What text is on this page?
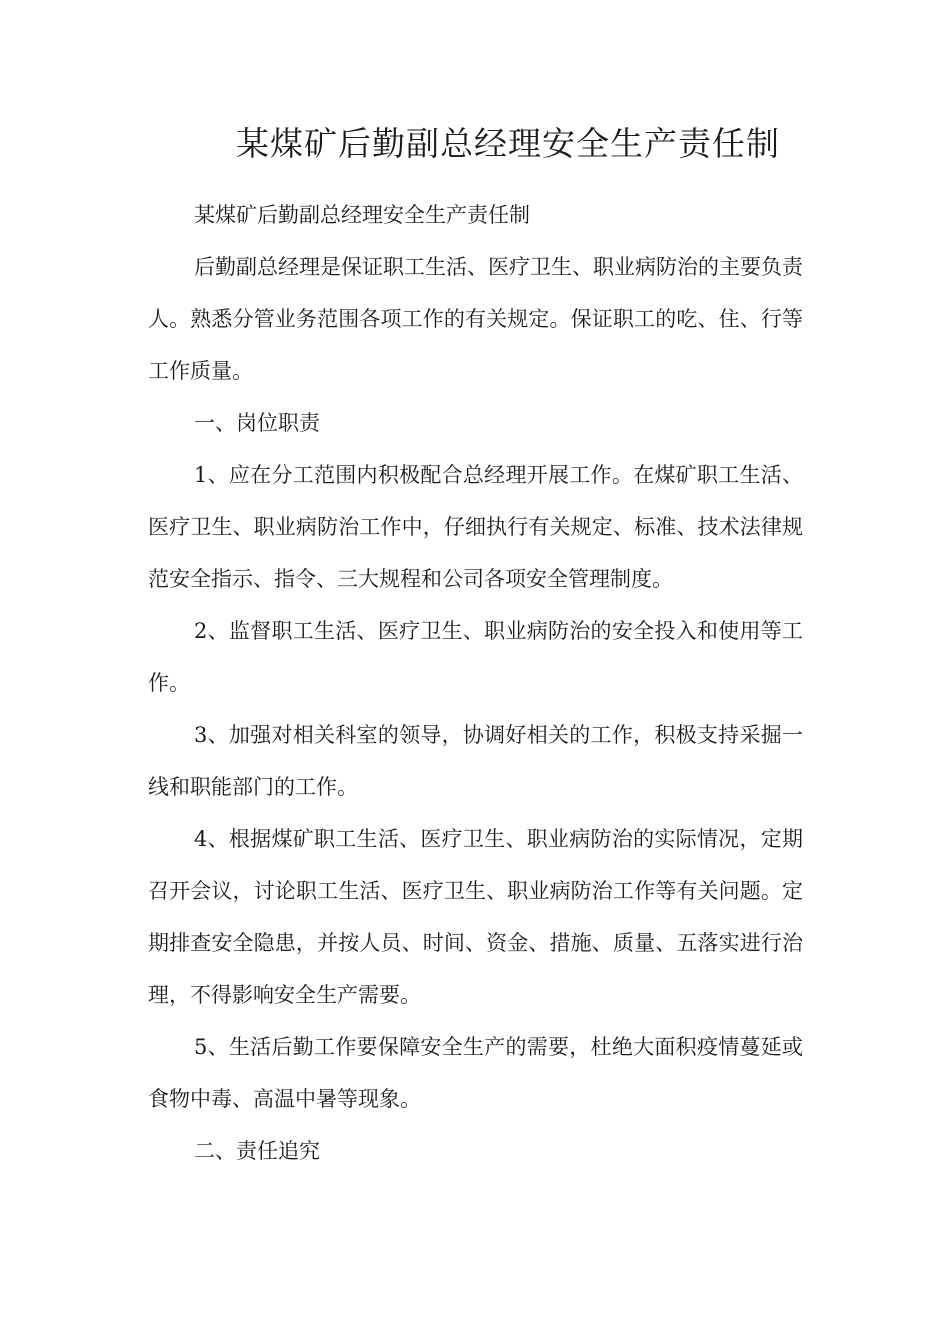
某煤矿后勤副总经理安全生产责任制

某煤矿后勤副总经理安全生产责任制

后勤副总经理是保证职工生活、医疗卫生、职业病防治的主要负责人。熟悉分管业务范围各项工作的有关规定。保证职工的吃、住、行等工作质量。

一、岗位职责

1、应在分工范围内积极配合总经理开展工作。在煤矿职工生活、医疗卫生、职业病防治工作中，仔细执行有关规定、标准、技术法律规范安全指示、指令、三大规程和公司各项安全管理制度。

2、监督职工生活、医疗卫生、职业病防治的安全投入和使用等工作。

3、加强对相关科室的领导，协调好相关的工作，积极支持采掘一线和职能部门的工作。

4、根据煤矿职工生活、医疗卫生、职业病防治的实际情况，定期召开会议，讨论职工生活、医疗卫生、职业病防治工作等有关问题。定期排查安全隐患，并按人员、时间、资金、措施、质量、五落实进行治理，不得影响安全生产需要。

5、生活后勤工作要保障安全生产的需要，杜绝大面积疫情蔓延或食物中毒、高温中暑等现象。

二、责任追究
